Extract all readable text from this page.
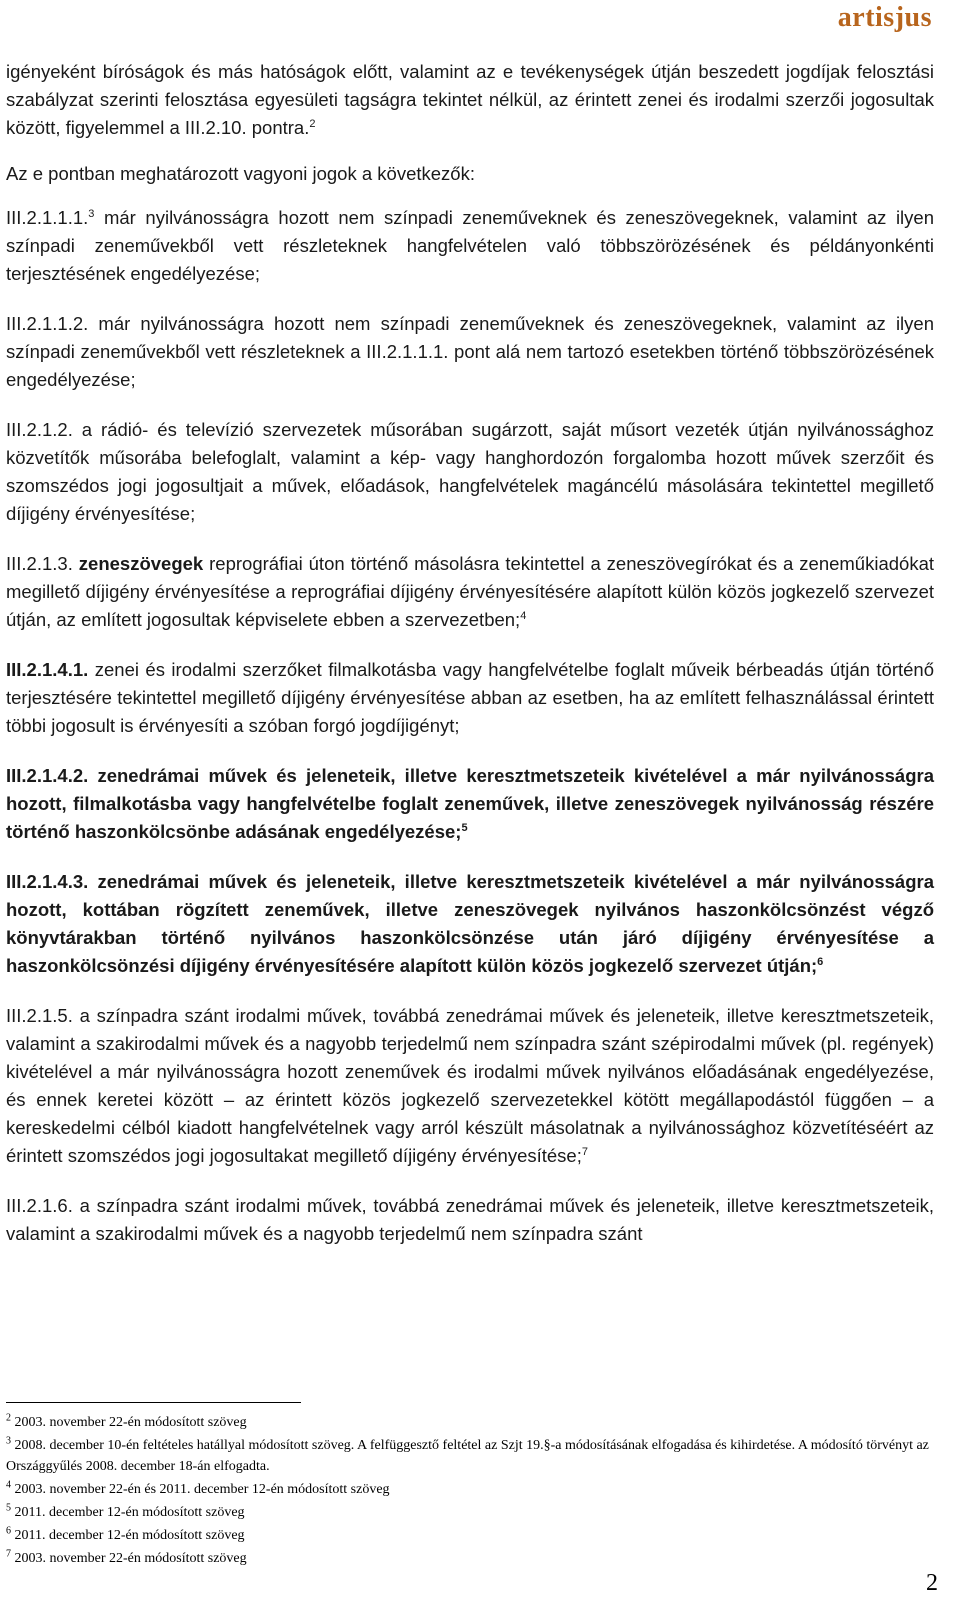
artisjus

igényeként bíróságok és más hatóságok előtt, valamint az e tevékenységek útján beszedett jogdíjak felosztási szabályzat szerinti felosztása egyesületi tagságra tekintet nélkül, az érintett zenei és irodalmi szerzői jogosultak között, figyelemmel a III.2.10. pontra.$^2$

Az e pontban meghatározott vagyoni jogok a következők:

III.2.1.1.1.$^3$ már nyilvánosságra hozott nem színpadi zeneműveknek és zeneszövegeknek, valamint az ilyen színpadi zeneművekből vett részleteknek hangfelvételen való többszörözésének és példányonkénti terjesztésének engedélyezése;

III.2.1.1.2. már nyilvánosságra hozott nem színpadi zeneműveknek és zeneszövegeknek, valamint az ilyen színpadi zeneművekből vett részleteknek a III.2.1.1.1. pont alá nem tartozó esetekben történő többszörözésének engedélyezése;

III.2.1.2. a rádió- és televízió szervezetek műsorában sugárzott, saját műsort vezeték útján nyilvánossághoz közvetítők műsorába belefoglalt, valamint a kép- vagy hanghordozón forgalomba hozott művek szerzőit és szomszédos jogi jogosultjait a művek, előadások, hangfelvételek magáncélú másolására tekintettel megillető díjigény érvényesítése;

III.2.1.3. zeneszövegek reprográfiai úton történő másolásra tekintettel a zeneszövegírókat és a zeneműkiadókat megillető díjigény érvényesítése a reprográfiai díjigény érvényesítésére alapított külön közös jogkezelő szervezet útján, az említett jogosultak képviselete ebben a szervezetben;$^4$

III.2.1.4.1. zenei és irodalmi szerzőket filmalkotásba vagy hangfelvételbe foglalt műveik bérbeadás útján történő terjesztésére tekintettel megillető díjigény érvényesítése abban az esetben, ha az említett felhasználással érintett többi jogosult is érvényesíti a szóban forgó jogdíjigényt;

III.2.1.4.2. zenedrámai művek és jeleneteik, illetve keresztmetszeteik kivételével a már nyilvánosságra hozott, filmalkotásba vagy hangfelvételbe foglalt zeneművek, illetve zeneszövegek nyilvánosság részére történő haszonkölcsönbe adásának engedélyezése;$^5$

III.2.1.4.3. zenedrámai művek és jeleneteik, illetve keresztmetszeteik kivételével a már nyilvánosságra hozott, kottában rögzített zeneművek, illetve zeneszövegek nyilvános haszonkölcsönzést végző könyvtárakban történő nyilvános haszonkölcsönzése után járó díjigény érvényesítése a haszonkölcsönzési díjigény érvényesítésére alapított külön közös jogkezelő szervezet útján;$^6$

III.2.1.5. a színpadra szánt irodalmi művek, továbbá zenedrámai művek és jeleneteik, illetve keresztmetszeteik, valamint a szakirodalmi művek és a nagyobb terjedelmű nem színpadra szánt szépirodalmi művek (pl. regények) kivételével a már nyilvánosságra hozott zeneművek és irodalmi művek nyilvános előadásának engedélyezése, és ennek keretei között – az érintett közös jogkezelő szervezetekkel kötött megállapodástól függően – a kereskedelmi célból kiadott hangfelvételnek vagy arról készült másolatnak a nyilvánossághoz közvetítéséért az érintett szomszédos jogi jogosultakat megillető díjigény érvényesítése;$^7$

III.2.1.6. a színpadra szánt irodalmi művek, továbbá zenedrámai művek és jeleneteik, illetve keresztmetszeteik, valamint a szakirodalmi művek és a nagyobb terjedelmű nem színpadra szánt

$^2$ 2003. november 22-én módosított szöveg
$^3$ 2008. december 10-én feltételes hatállyal módosított szöveg. A felfüggesztő feltétel az Szjt 19.§-a módosításának elfogadása és kihirdetése. A módosító törvényt az Országgyűlés 2008. december 18-án elfogadta.
$^4$ 2003. november 22-én és 2011. december 12-én módosított szöveg
$^5$ 2011. december 12-én módosított szöveg
$^6$ 2011. december 12-én módosított szöveg
$^7$ 2003. november 22-én módosított szöveg
2
